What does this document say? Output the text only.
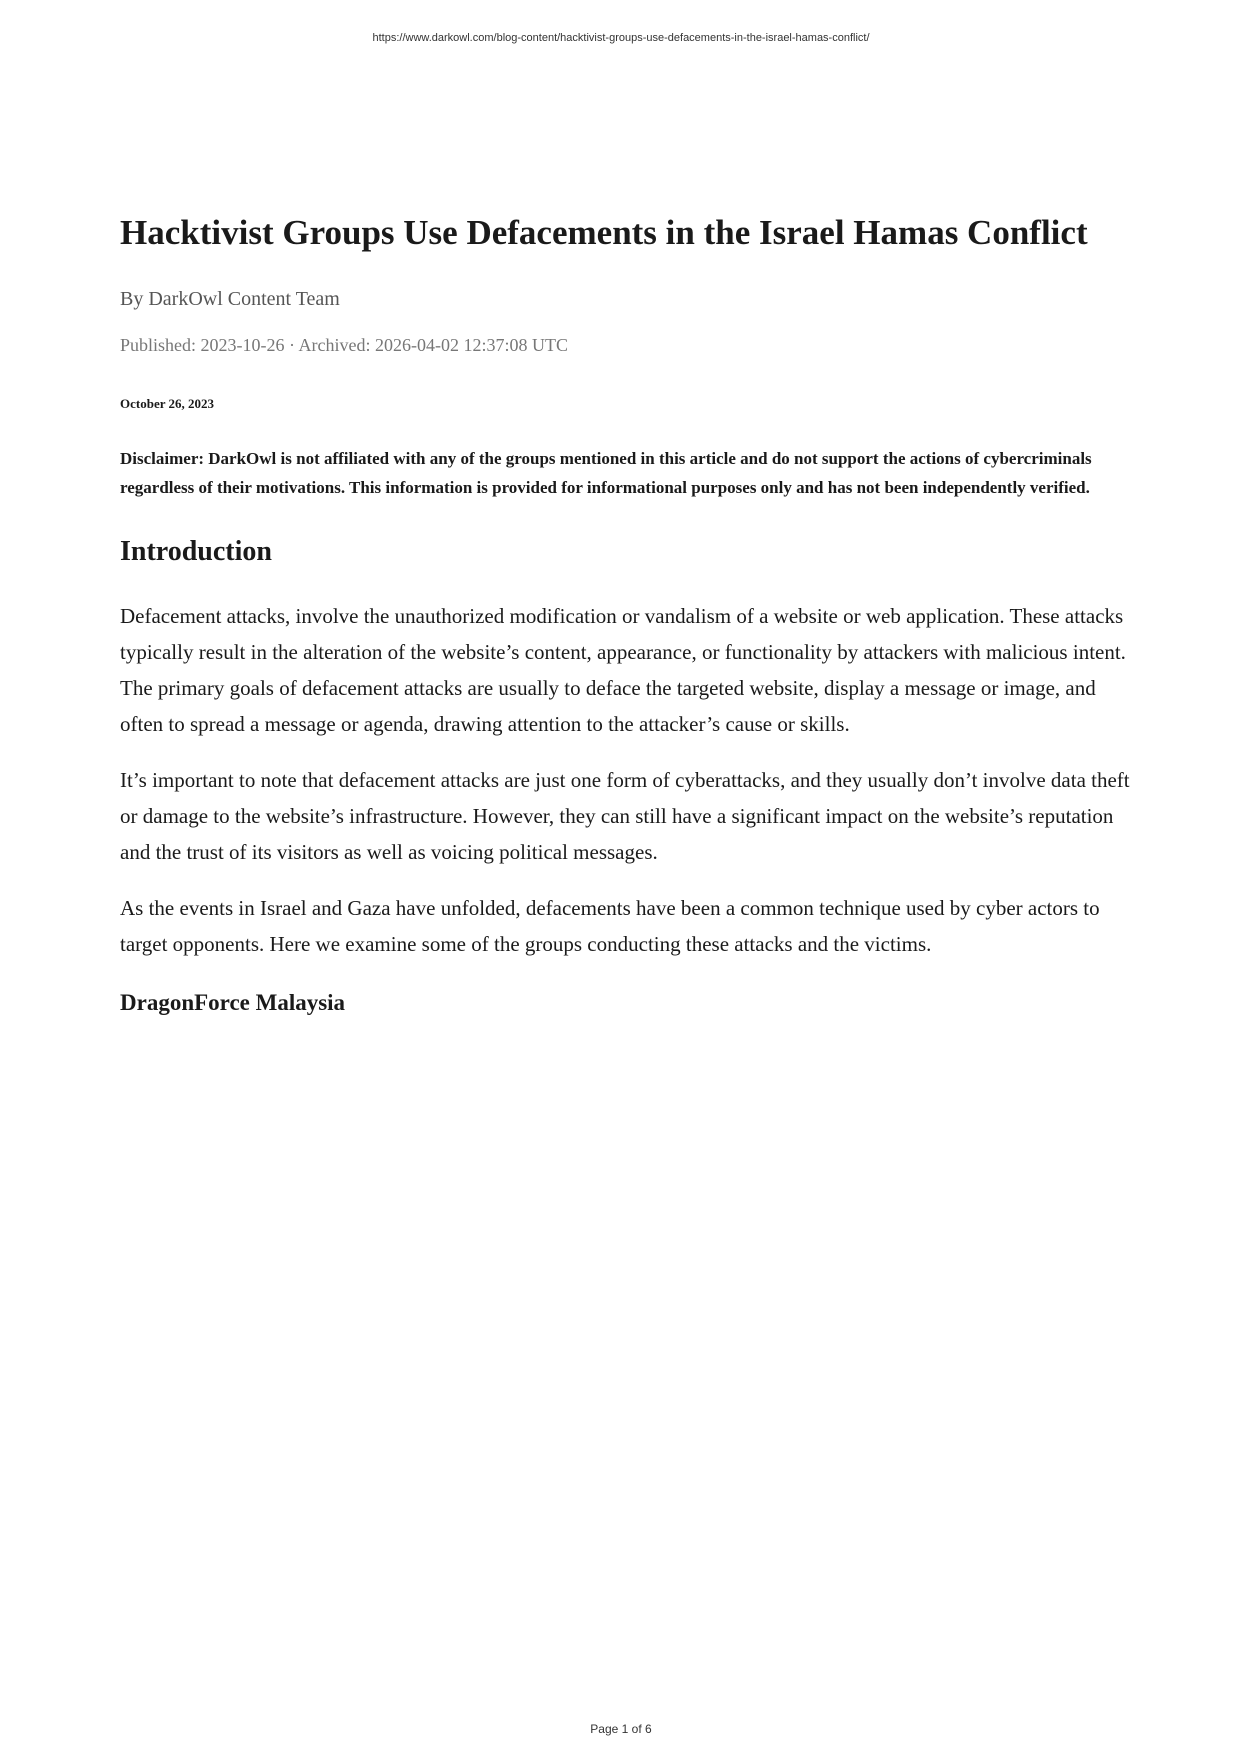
https://www.darkowl.com/blog-content/hacktivist-groups-use-defacements-in-the-israel-hamas-conflict/

Hacktivist Groups Use Defacements in the Israel Hamas Conflict

By DarkOwl Content Team

Published: 2023-10-26 · Archived: 2026-04-02 12:37:08 UTC

October 26, 2023

Disclaimer: DarkOwl is not affiliated with any of the groups mentioned in this article and do not support the actions of cybercriminals regardless of their motivations. This information is provided for informational purposes only and has not been independently verified.

Introduction

Defacement attacks, involve the unauthorized modification or vandalism of a website or web application. These attacks typically result in the alteration of the website’s content, appearance, or functionality by attackers with malicious intent. The primary goals of defacement attacks are usually to deface the targeted website, display a message or image, and often to spread a message or agenda, drawing attention to the attacker’s cause or skills.

It’s important to note that defacement attacks are just one form of cyberattacks, and they usually don’t involve data theft or damage to the website’s infrastructure. However, they can still have a significant impact on the website’s reputation and the trust of its visitors as well as voicing political messages.

As the events in Israel and Gaza have unfolded, defacements have been a common technique used by cyber actors to target opponents. Here we examine some of the groups conducting these attacks and the victims.

DragonForce Malaysia

Page 1 of 6
